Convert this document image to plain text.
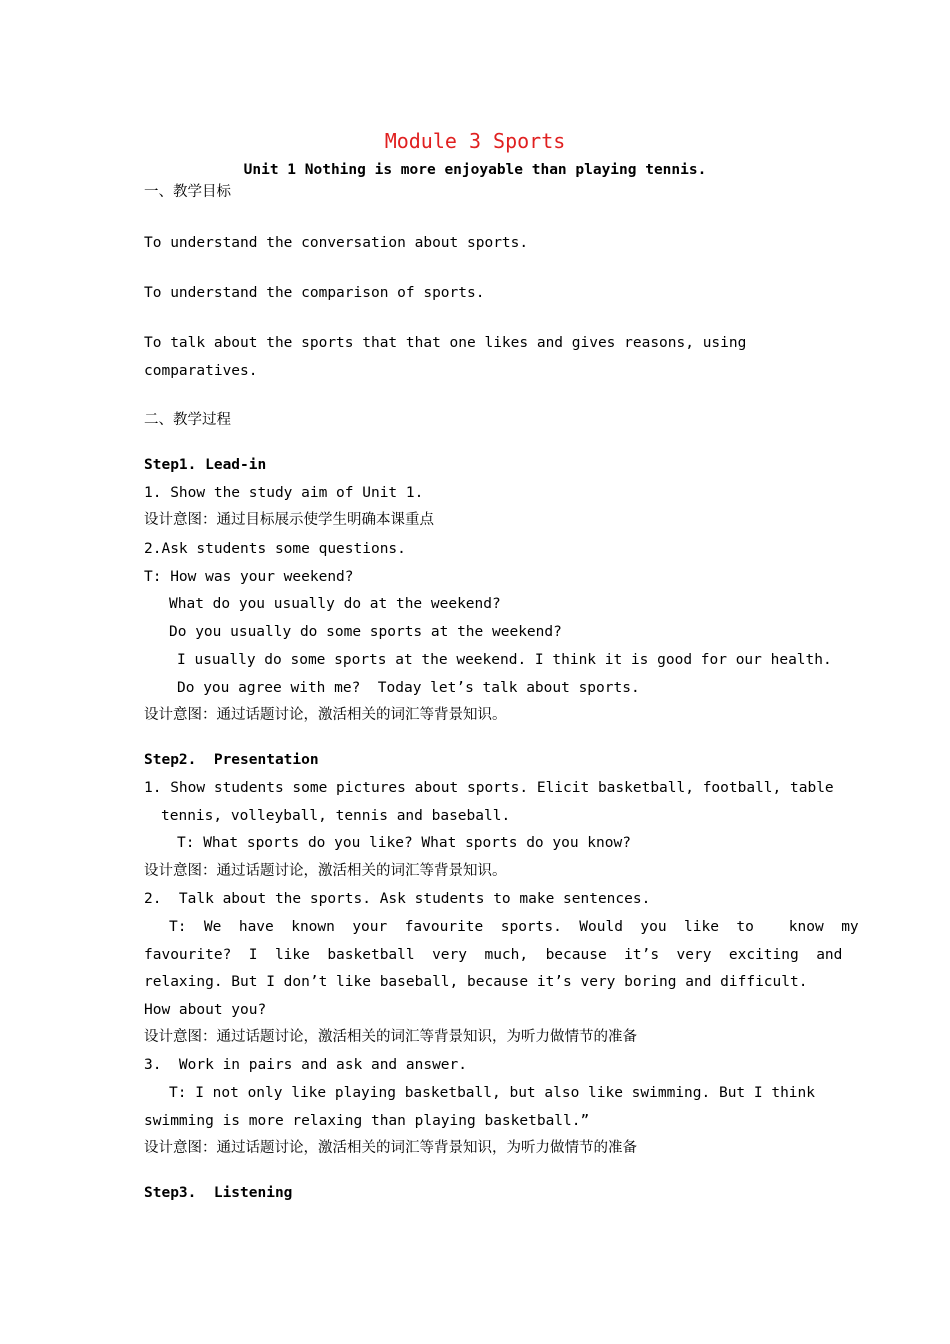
Module 3 Sports
Unit 1 Nothing is more enjoyable than playing tennis.
一、教学目标
To understand the conversation about sports.
To understand the comparison of sports.
To talk about the sports that that one likes and gives reasons, using
comparatives.
二、教学过程
Step1. Lead-in
1. Show the study aim of Unit 1.
设计意图：通过目标展示使学生明确本课重点
2.Ask students some questions.
T: How was your weekend?
What do you usually do at the weekend?
Do you usually do some sports at the weekend?
I usually do some sports at the weekend. I think it is good for our health.
Do you agree with me?  Today let’s talk about sports.
设计意图：通过话题讨论，激活相关的词汇等背景知识。
Step2.  Presentation
1. Show students some pictures about sports. Elicit basketball, football, table
tennis, volleyball, tennis and baseball.
T: What sports do you like? What sports do you know?
设计意图：通过话题讨论，激活相关的词汇等背景知识。
2.  Talk about the sports. Ask students to make sentences.
T:  We  have  known  your  favourite  sports.  Would  you  like  to    know  my
favourite?  I  like  basketball  very  much,  because  it’s  very  exciting  and
relaxing. But I don’t like baseball, because it’s very boring and difficult.
How about you?
设计意图：通过话题讨论，激活相关的词汇等背景知识，为听力做情节的准备
3.  Work in pairs and ask and answer.
T: I not only like playing basketball, but also like swimming. But I think
swimming is more relaxing than playing basketball.”
设计意图：通过话题讨论，激活相关的词汇等背景知识，为听力做情节的准备
Step3.  Listening
